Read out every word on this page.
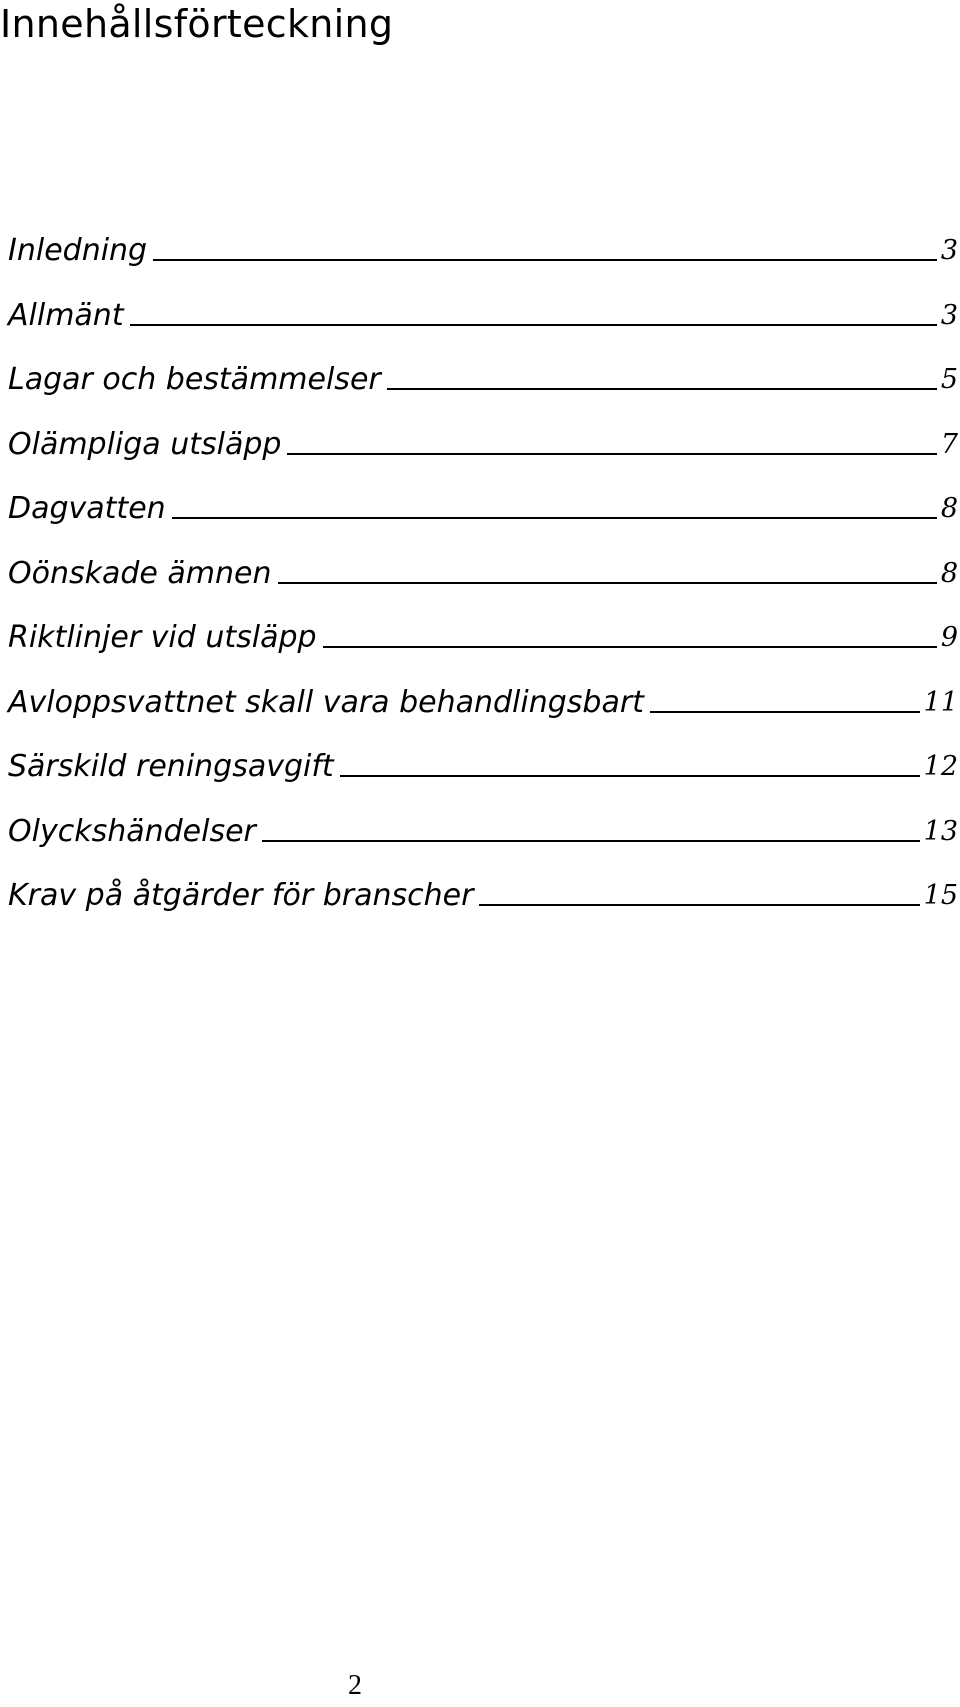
Innehållsförteckning
Inledning	3
Allmänt	3
Lagar och bestämmelser	5
Olämpliga utsläpp	7
Dagvatten	8
Oönskade ämnen	8
Riktlinjer vid utsläpp	9
Avloppsvattnet skall vara behandlingsbart	11
Särskild reningsavgift	12
Olyckshändelser	13
Krav på åtgärder för branscher	15

2
